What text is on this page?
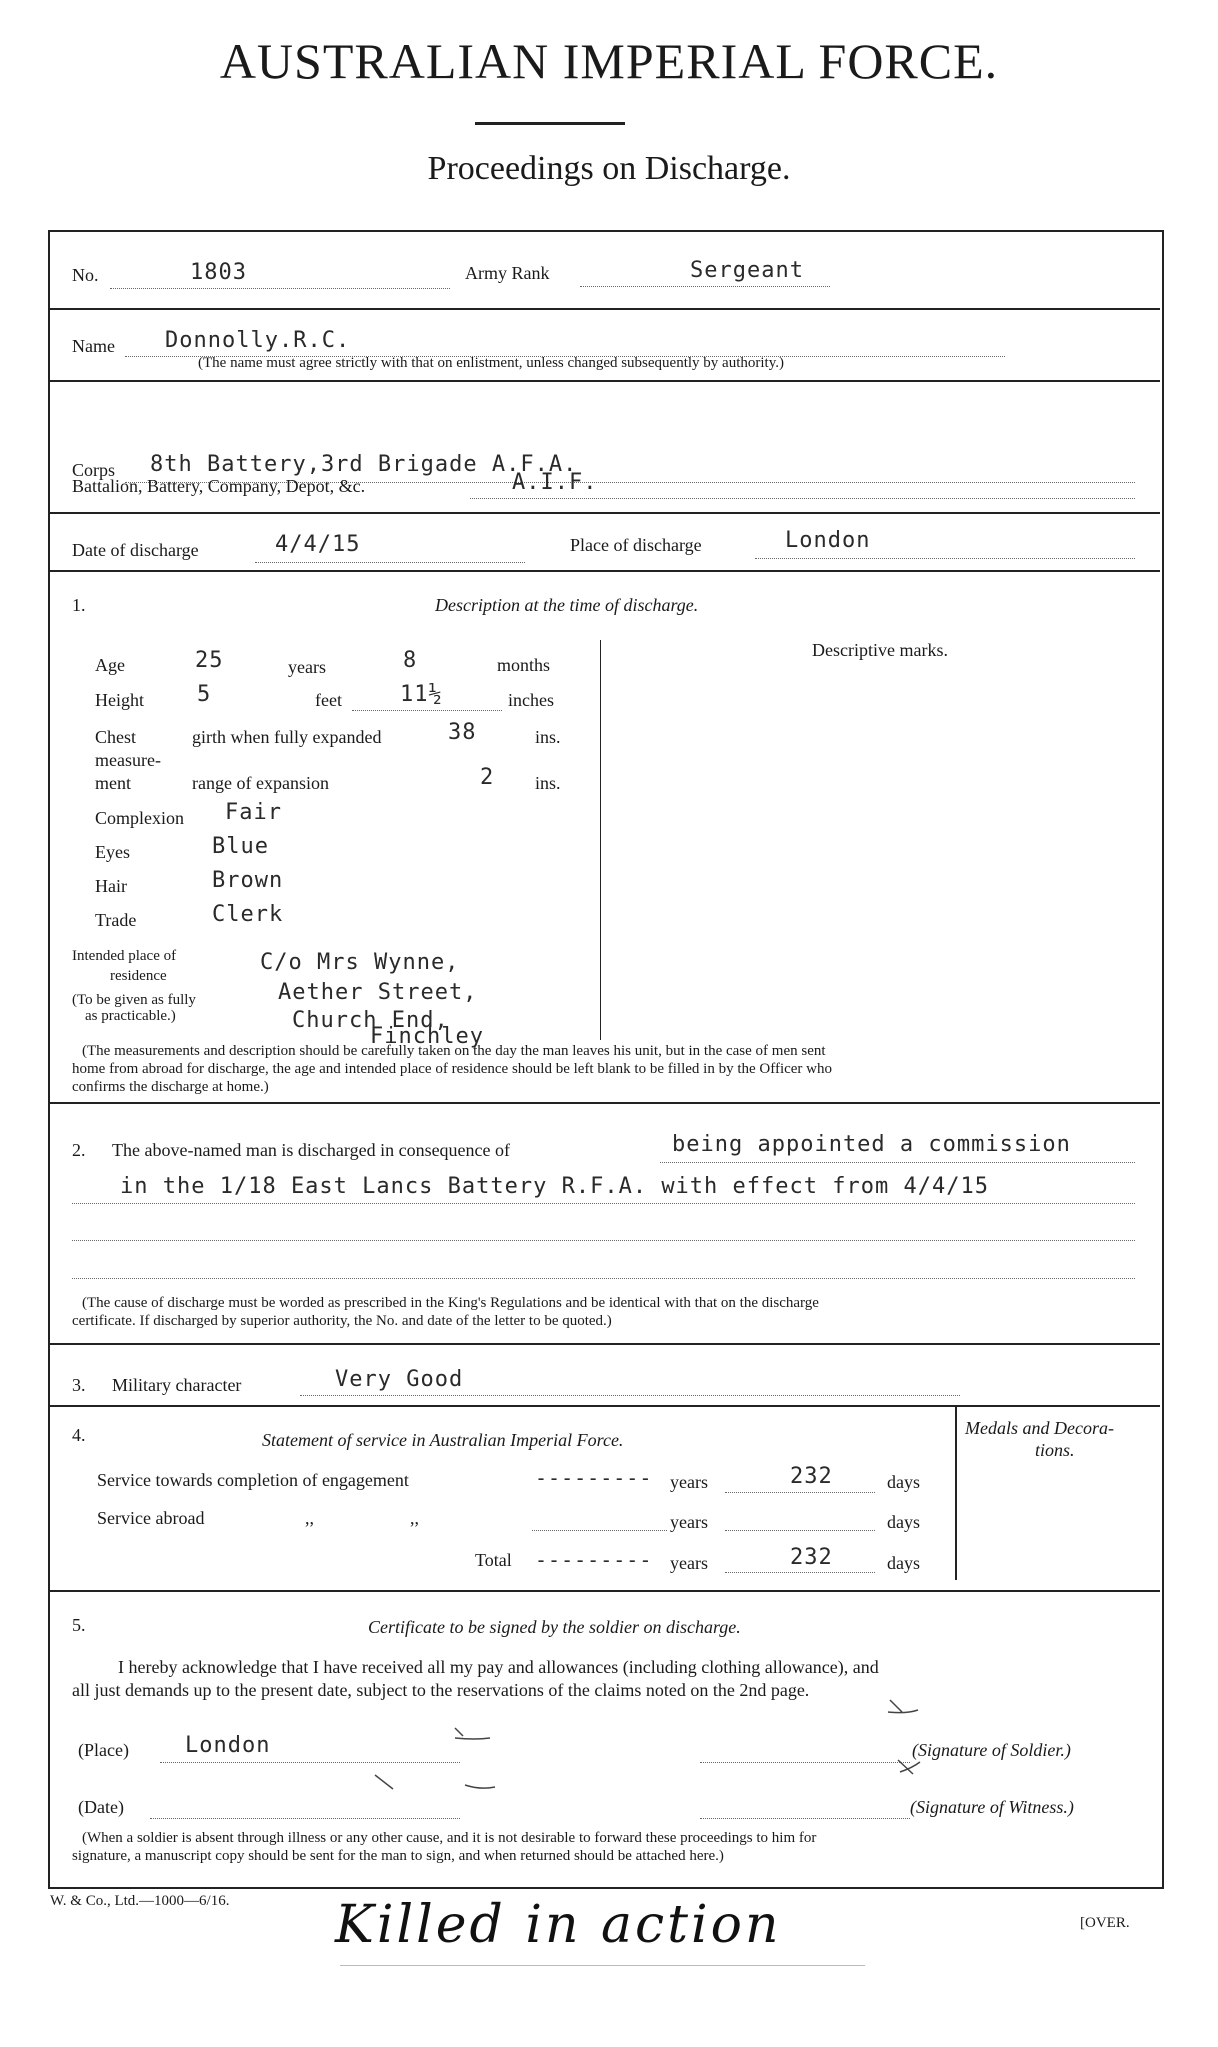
AUSTRALIAN IMPERIAL FORCE.
Proceedings on Discharge.
No.	1803	Army Rank	Sergeant
Name Donnolly.R.C.
(The name must agree strictly with that on enlistment, unless changed subsequently by authority.)
Corps 8th Battery,3rd Brigade A.F.A.
Battalion, Battery, Company, Depot, &c.	A.I.F.
Date of discharge	4/4/15	Place of discharge	London
1.	Description at the time of discharge.
Descriptive marks.
Age	25	years	8	months
Height 5	feet	11½	inches
Chest
measure-
ment
girth when fully expanded	38	ins.
range of expansion	2 ins.
Complexion Fair
Eyes	Blue
Hair	Brown
Trade	Clerk
Intended place of
residence
(To be given as fully
as practicable.)
C/o Mrs Wynne,
Aether Street,
Church End,
Finchley
(The measurements and description should be carefully taken on the day the man leaves his unit, but in the case of men sent
home from abroad for discharge, the age and intended place of residence should be left blank to be filled in by the Officer who
confirms the discharge at home.)
2. The above-named man is discharged in consequence of	being appointed a commission
in the 1/18 East Lancs Battery R.F.A. with effect from 4/4/15
(The cause of discharge must be worded as prescribed in the King's Regulations and be identical with that on the discharge
certificate. If discharged by superior authority, the No. and date of the letter to be quoted.)
3. Military character	Very Good
4.	Statement of service in Australian Imperial Force.
Medals and Decora-
tions.
Service towards completion of engagement	--------- years	232	days
Service abroad	,,	,,	years	days
Total --------- years	232	days
5.	Certificate to be signed by the soldier on discharge.
I hereby acknowledge that I have received all my pay and allowances (including clothing allowance), and
all just demands up to the present date, subject to the reservations of the claims noted on the 2nd page.
(Place)	London	(Signature of Soldier.)
(Date)	(Signature of Witness.)
(When a soldier is absent through illness or any other cause, and it is not desirable to forward these proceedings to him for
signature, a manuscript copy should be sent for the man to sign, and when returned should be attached here.)
W. & Co., Ltd.—1000—6/16.
[OVER.
Killed in action
